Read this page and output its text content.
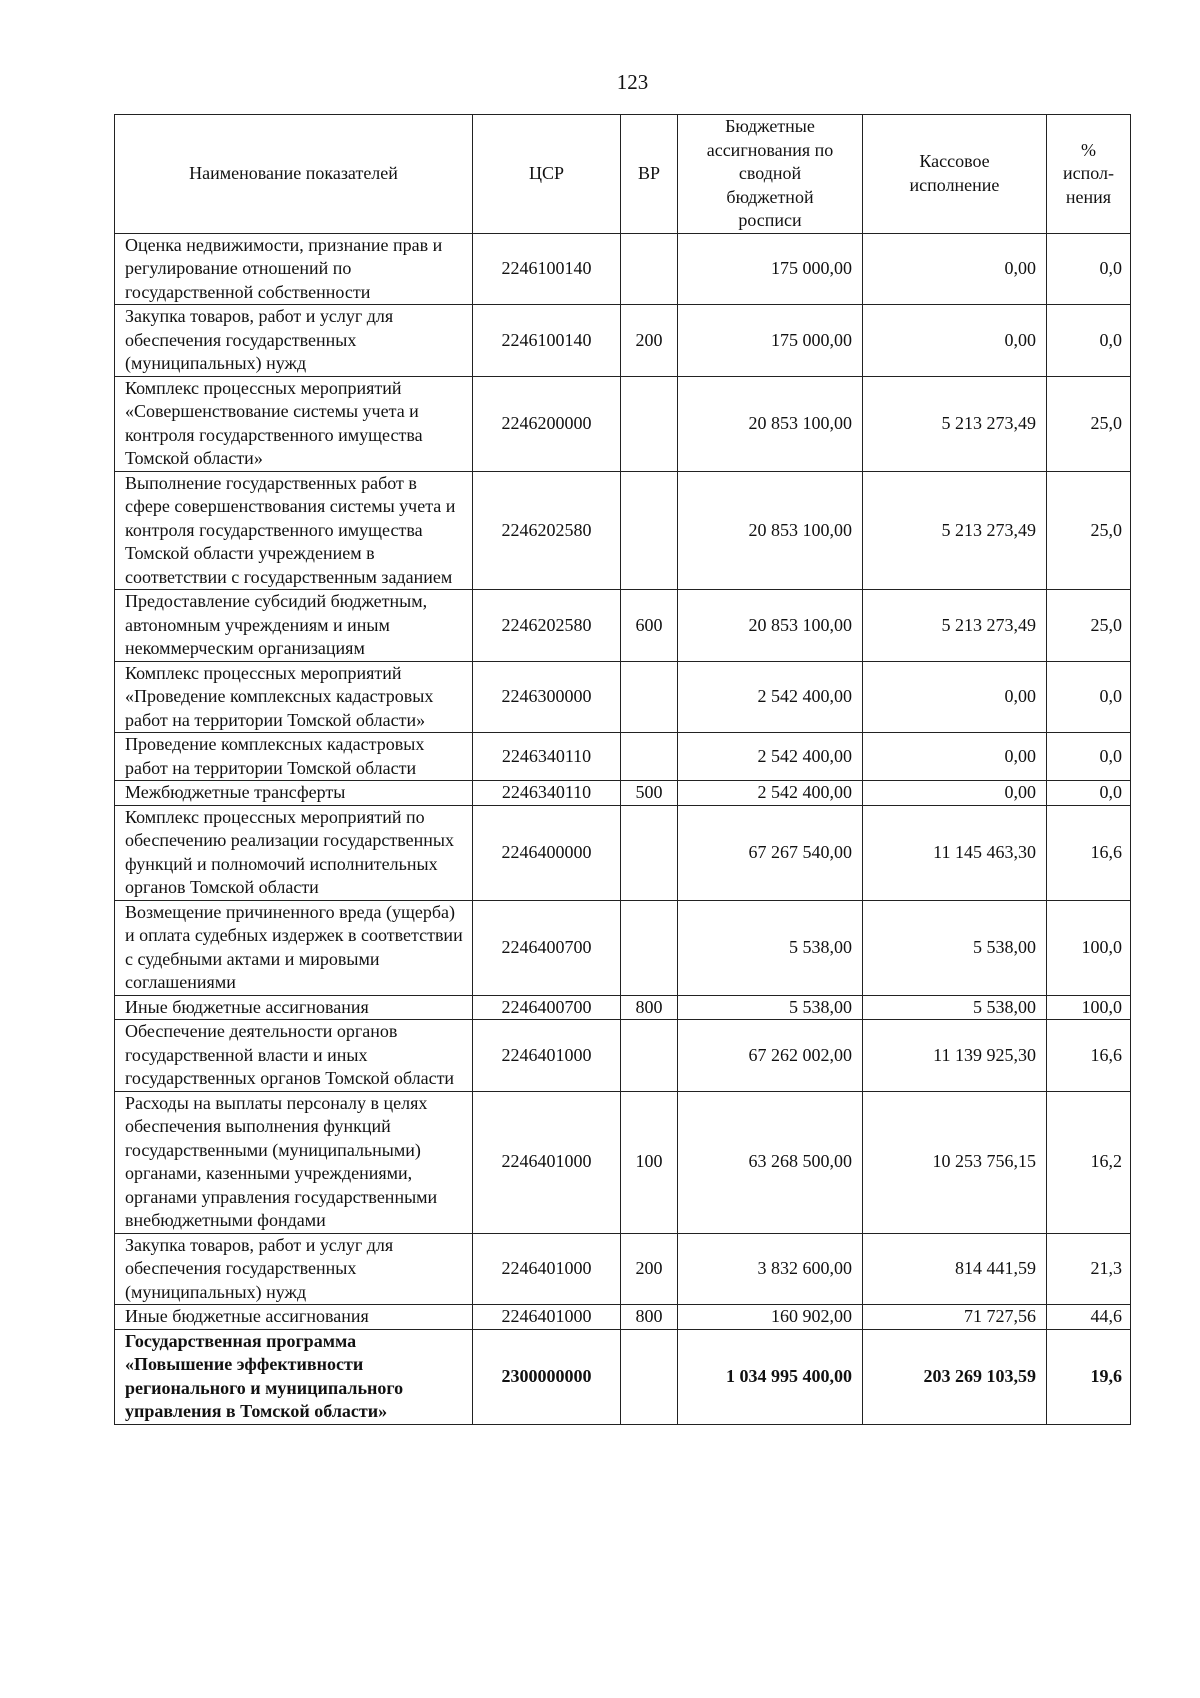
123
Наименование показателей	ЦСР	ВР	Бюджетные ассигнования по сводной бюджетной росписи	Кассовое исполнение	% испол-нения
Оценка недвижимости, признание прав и регулирование отношений по государственной собственности	2246100140		175 000,00	0,00	0,0
Закупка товаров, работ и услуг для обеспечения государственных (муниципальных) нужд	2246100140	200	175 000,00	0,00	0,0
Комплекс процессных мероприятий «Совершенствование системы учета и контроля государственного имущества Томской области»	2246200000		20 853 100,00	5 213 273,49	25,0
Выполнение государственных работ в сфере совершенствования системы учета и контроля государственного имущества Томской области учреждением в соответствии с государственным заданием	2246202580		20 853 100,00	5 213 273,49	25,0
Предоставление субсидий бюджетным, автономным учреждениям и иным некоммерческим организациям	2246202580	600	20 853 100,00	5 213 273,49	25,0
Комплекс процессных мероприятий «Проведение комплексных кадастровых работ на территории Томской области»	2246300000		2 542 400,00	0,00	0,0
Проведение комплексных кадастровых работ на территории Томской области	2246340110		2 542 400,00	0,00	0,0
Межбюджетные трансферты	2246340110	500	2 542 400,00	0,00	0,0
Комплекс процессных мероприятий по обеспечению реализации государственных функций и полномочий исполнительных органов Томской области	2246400000		67 267 540,00	11 145 463,30	16,6
Возмещение причиненного вреда (ущерба) и оплата судебных издержек в соответствии с судебными актами и мировыми соглашениями	2246400700		5 538,00	5 538,00	100,0
Иные бюджетные ассигнования	2246400700	800	5 538,00	5 538,00	100,0
Обеспечение деятельности органов государственной власти и иных государственных органов Томской области	2246401000		67 262 002,00	11 139 925,30	16,6
Расходы на выплаты персоналу в целях обеспечения выполнения функций государственными (муниципальными) органами, казенными учреждениями, органами управления государственными внебюджетными фондами	2246401000	100	63 268 500,00	10 253 756,15	16,2
Закупка товаров, работ и услуг для обеспечения государственных (муниципальных) нужд	2246401000	200	3 832 600,00	814 441,59	21,3
Иные бюджетные ассигнования	2246401000	800	160 902,00	71 727,56	44,6
Государственная программа «Повышение эффективности регионального и муниципального управления в Томской области»	2300000000		1 034 995 400,00	203 269 103,59	19,6
